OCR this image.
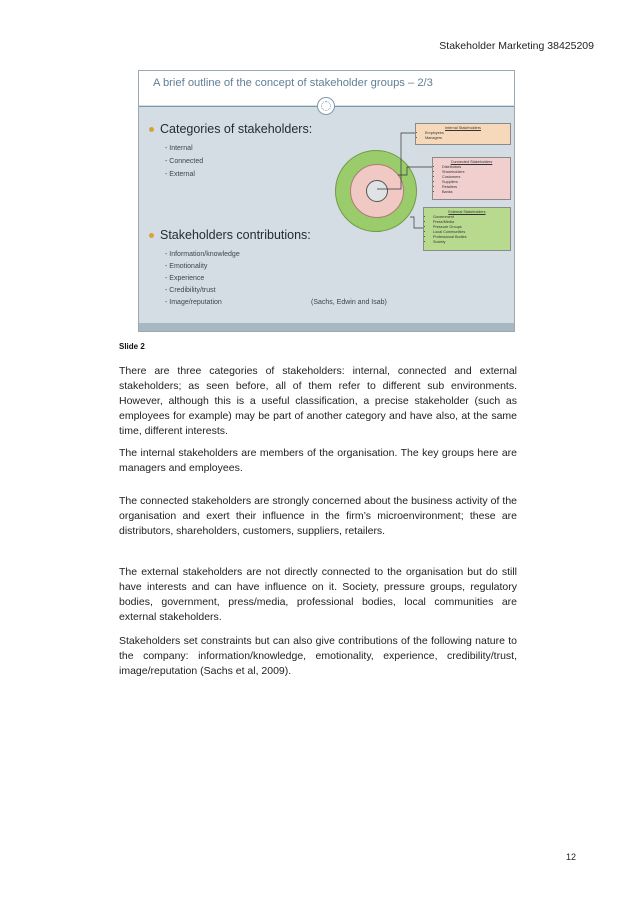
Stakeholder Marketing 38425209
A brief outline of the concept of stakeholder groups – 2/3
Categories of stakeholders:
- Internal
- Connected
- External
Stakeholders contributions:
- Information/knowledge
- Emotionality
- Experience
- Credibility/trust
- Image/reputation	(Sachs, Edwin and Isab)
Internal Stakeholders
• Employees
• Managers
Connected Stakeholders
• Distributors
• Shareholders
• Customers
• Suppliers
• Retailers
• Banks
External Stakeholders
• Government
• Press/Media
• Pressure Groups
• Local Communities
• Professional Bodies
• Society
Slide 2

There are three categories of stakeholders: internal, connected and external stakeholders; as seen before, all of them refer to different sub environments. However, although this is a useful classification, a precise stakeholder (such as employees for example) may be part of another category and have also, at the same time, different interests.

The internal stakeholders are members of the organisation. The key groups here are managers and employees.

The connected stakeholders are strongly concerned about the business activity of the organisation and exert their influence in the firm’s microenvironment; these are distributors, shareholders, customers, suppliers, retailers.

The external stakeholders are not directly connected to the organisation but do still have interests and can have influence on it. Society, pressure groups, regulatory bodies, government, press/media, professional bodies, local communities are external stakeholders.

Stakeholders set constraints but can also give contributions of the following nature to the company: information/knowledge, emotionality, experience, credibility/trust, image/reputation (Sachs et al, 2009).

12
